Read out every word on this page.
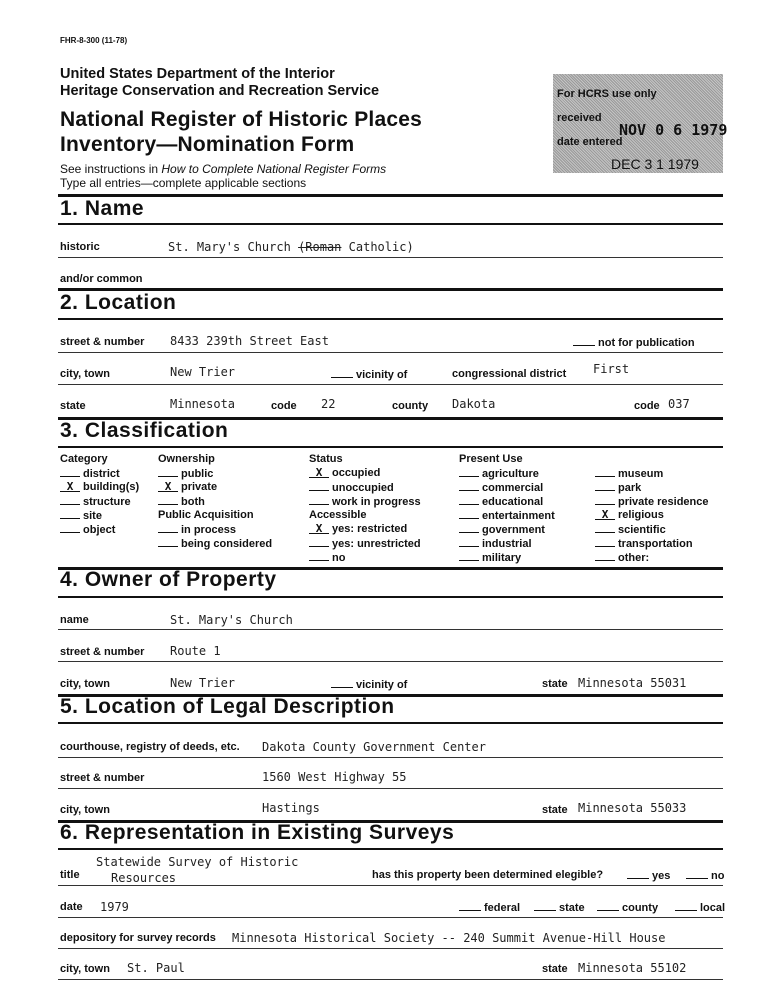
FHR-8-300 (11-78)
United States Department of the Interior
Heritage Conservation and Recreation Service
National Register of Historic Places
Inventory—Nomination Form
See instructions in How to Complete National Register Forms
Type all entries—complete applicable sections
For HCRS use only
received
NOV 0 6 1979
date entered
DEC 3 1 1979
1. Name
historic	St. Mary's Church (Roman Catholic)
and/or common
2. Location
street & number 8433 239th Street East	not for publication
city, town	New Trier	vicinity of	congressional district First
state	Minnesota	code 22	county Dakota	code 037
3. Classification
Category
district
X building(s)
structure
site
object
Ownership
public
X private
both
Public Acquisition
in process
being considered
Status
X occupied
unoccupied
work in progress
Accessible
X yes: restricted
yes: unrestricted
no
Present Use
agriculture
commercial
educational
entertainment
government
industrial
military
museum
park
private residence
X religious
scientific
transportation
other:
4. Owner of Property
name	St. Mary's Church
street & number Route 1
city, town	New Trier	vicinity of	state Minnesota 55031
5. Location of Legal Description
courthouse, registry of deeds, etc. Dakota County Government Center
street & number	1560 West Highway 55
city, town	Hastings	state Minnesota 55033
6. Representation in Existing Surveys
Statewide Survey of Historic
Resources
title	has this property been determined elegible?	yes	no
date 1979	federal	state	county	local
depository for survey records Minnesota Historical Society -- 240 Summit Avenue-Hill House
city, town St. Paul	state Minnesota 55102
